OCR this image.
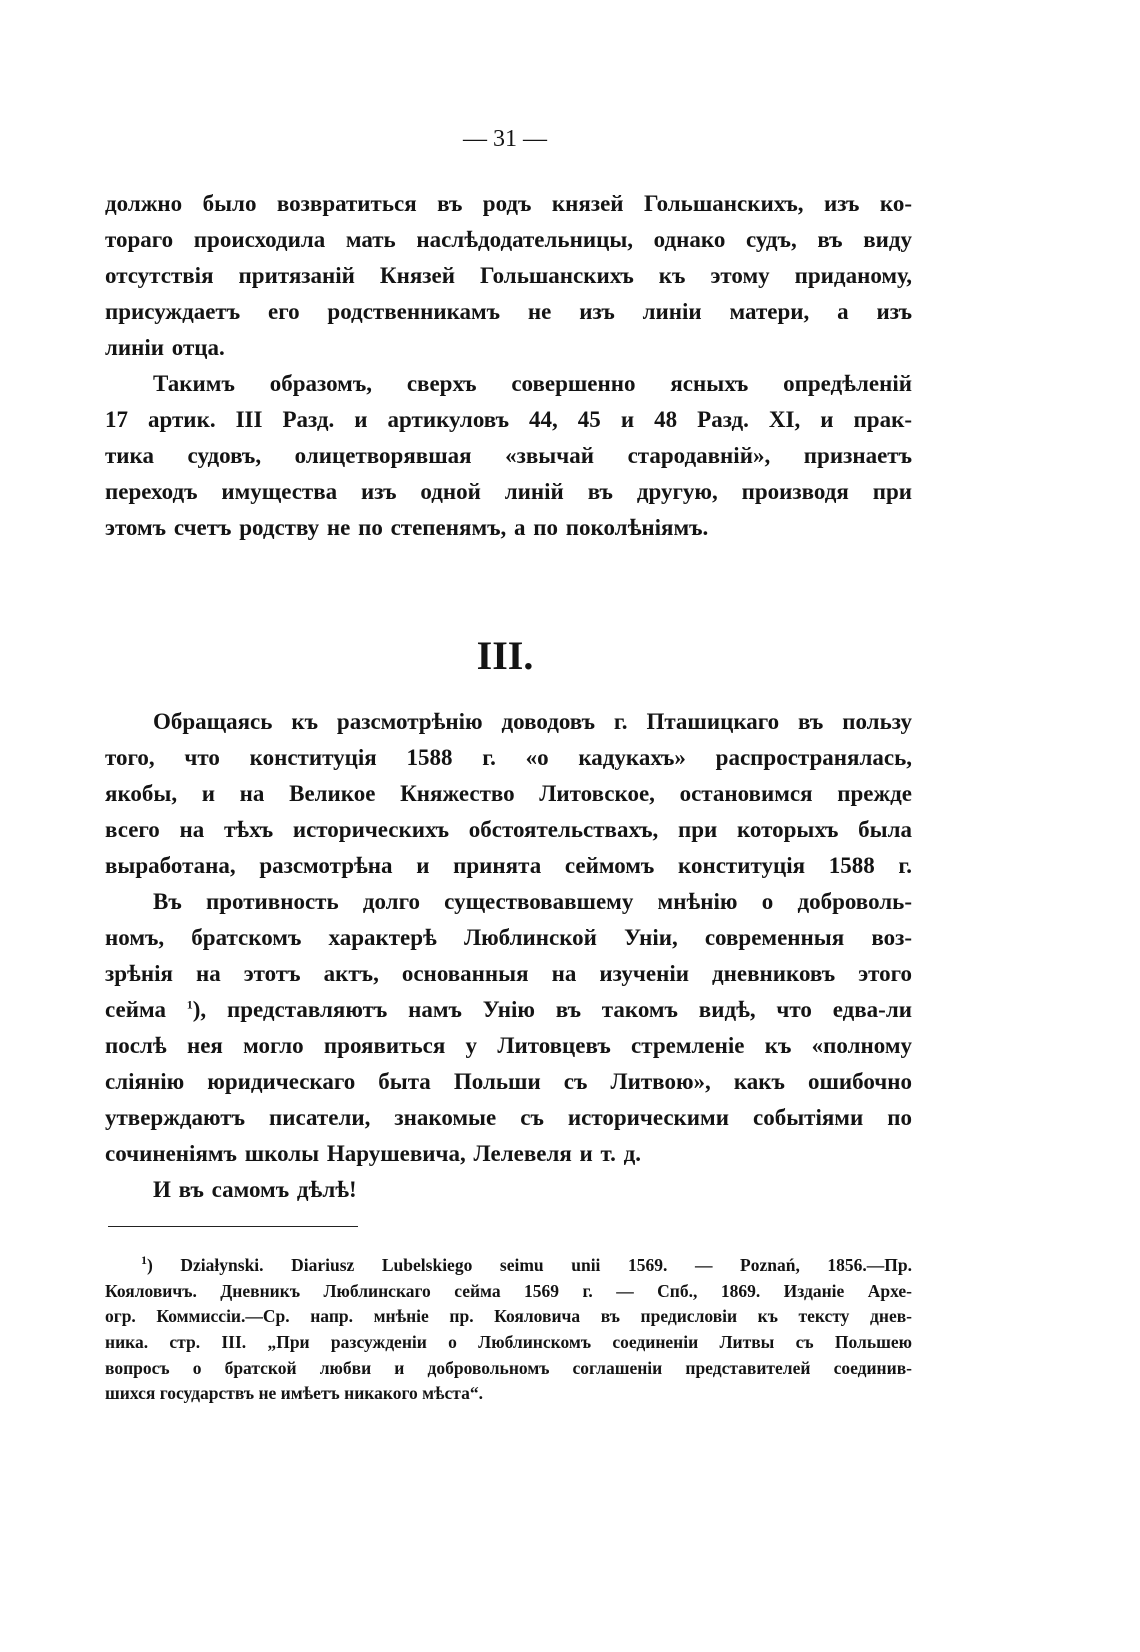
— 31 —
должно было возвратиться въ родъ князей Гольшанскихъ, изъ ко-
тораго происходила мать наслѣдодательницы, однако судъ, въ виду
отсутствія притязаній Князей Гольшанскихъ къ этому приданому,
присуждаетъ его родственникамъ не изъ линіи матери, а изъ
линіи отца.
Такимъ образомъ, сверхъ совершенно ясныхъ опредѣленій
17 артик. III Разд. и артикуловъ 44, 45 и 48 Разд. XI, и прак-
тика судовъ, олицетворявшая «звычай стародавній», признаетъ
переходъ имущества изъ одной линій въ другую, производя при
этомъ счетъ родству не по степенямъ, а по поколѣніямъ.
III.
Обращаясь къ разсмотрѣнію доводовъ г. Пташицкаго въ пользу
того, что конституція 1588 г. «о кадукахъ» распространялась,
якобы, и на Великое Княжество Литовское, остановимся прежде
всего на тѣхъ историческихъ обстоятельствахъ, при которыхъ была
выработана, разсмотрѣна и принята сеймомъ конституція 1588 г.
Въ противность долго существовавшему мнѣнію о доброволь-
номъ, братскомъ характерѣ Люблинской Уніи, современныя воз-
зрѣнія на этотъ актъ, основанныя на изученіи дневниковъ этого
сейма $^1$), представляютъ намъ Унію въ такомъ видѣ, что едва-ли
послѣ нея могло проявиться у Литовцевъ стремленіе къ «полному
сліянію юридическаго быта Польши съ Литвою», какъ ошибочно
утверждаютъ писатели, знакомые съ историческими событіями по
сочиненіямъ школы Нарушевича, Лелевеля и т. д.
И въ самомъ дѣлѣ!
$^1$) Działynski. Diariusz Lubelskiego seimu unii 1569. — Poznań, 1856.—Пр.
Кояловичъ. Дневникъ Люблинскаго сейма 1569 г. — Спб., 1869. Изданіе Архе-
огр. Коммиссіи.—Ср. напр. мнѣніе пр. Кояловича въ предисловіи къ тексту днев-
ника. стр. III. „При разсужденіи о Люблинскомъ соединеніи Литвы съ Польшею
вопросъ о братской любви и добровольномъ соглашеніи представителей соединив-
шихся государствъ не имѣетъ никакого мѣста“.
